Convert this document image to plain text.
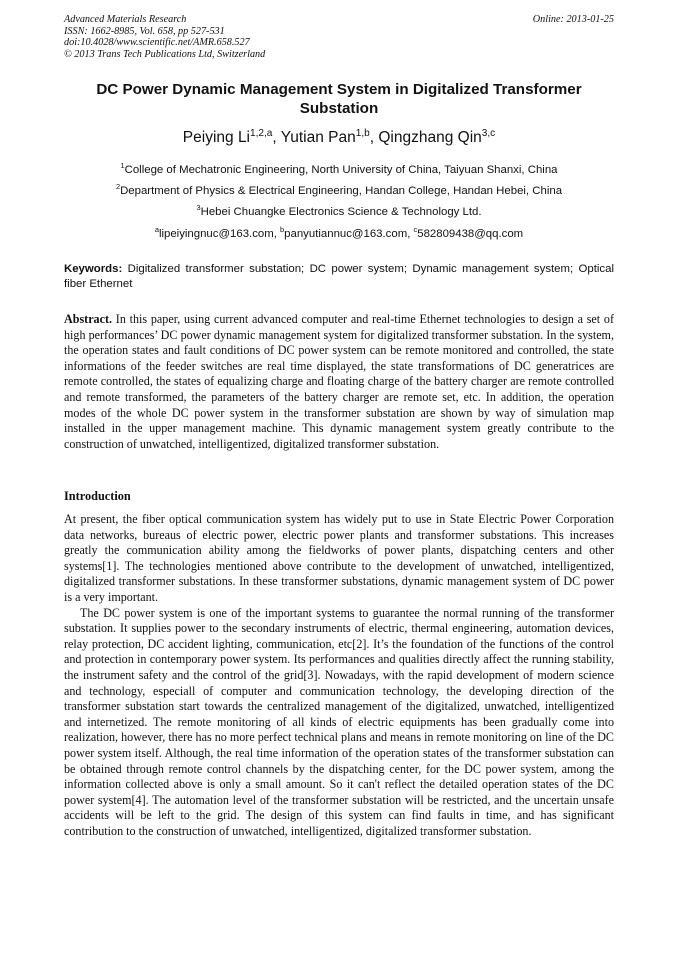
Advanced Materials Research
ISSN: 1662-8985, Vol. 658, pp 527-531
doi:10.4028/www.scientific.net/AMR.658.527
© 2013 Trans Tech Publications Ltd, Switzerland
Online: 2013-01-25
DC Power Dynamic Management System in Digitalized Transformer Substation
Peiying Li$^{1,2,a}$, Yutian Pan$^{1,b}$, Qingzhang Qin$^{3,c}$
$^1$College of Mechatronic Engineering, North University of China, Taiyuan Shanxi, China
$^2$Department of Physics & Electrical Engineering, Handan College, Handan Hebei, China
$^3$Hebei Chuangke Electronics Science & Technology Ltd.
$^a$lipeiyingnuc@163.com, $^b$panyutiannuc@163.com, $^c$582809438@qq.com
Keywords: Digitalized transformer substation; DC power system; Dynamic management system; Optical fiber Ethernet
Abstract. In this paper, using current advanced computer and real-time Ethernet technologies to design a set of high performances’ DC power dynamic management system for digitalized transformer substation. In the system, the operation states and fault conditions of DC power system can be remote monitored and controlled, the state informations of the feeder switches are real time displayed, the state transformations of DC generatrices are remote controlled, the states of equalizing charge and floating charge of the battery charger are remote controlled and remote transformed, the parameters of the battery charger are remote set, etc. In addition, the operation modes of the whole DC power system in the transformer substation are shown by way of simulation map installed in the upper management machine. This dynamic management system greatly contribute to the construction of unwatched, intelligentized, digitalized transformer substation.
Introduction

At present, the fiber optical communication system has widely put to use in State Electric Power Corporation data networks, bureaus of electric power, electric power plants and transformer substations. This increases greatly the communication ability among the fieldworks of power plants, dispatching centers and other systems[1]. The technologies mentioned above contribute to the development of unwatched, intelligentized, digitalized transformer substations. In these transformer substations, dynamic management system of DC power is a very important.

The DC power system is one of the important systems to guarantee the normal running of the transformer substation. It supplies power to the secondary instruments of electric, thermal engineering, automation devices, relay protection, DC accident lighting, communication, etc[2]. It’s the foundation of the functions of the control and protection in contemporary power system. Its performances and qualities directly affect the running stability, the instrument safety and the control of the grid[3]. Nowadays, with the rapid development of modern science and technology, especiall of computer and communication technology, the developing direction of the transformer substation start towards the centralized management of the digitalized, unwatched, intelligentized and internetized. The remote monitoring of all kinds of electric equipments has been gradually come into realization, however, there has no more perfect technical plans and means in remote monitoring on line of the DC power system itself. Although, the real time information of the operation states of the transformer substation can be obtained through remote control channels by the dispatching center, for the DC power system, among the information collected above is only a small amount. So it can't reflect the detailed operation states of the DC power system[4]. The automation level of the transformer substation will be restricted, and the uncertain unsafe accidents will be left to the grid. The design of this system can find faults in time, and has significant contribution to the construction of unwatched, intelligentized, digitalized transformer substation.
